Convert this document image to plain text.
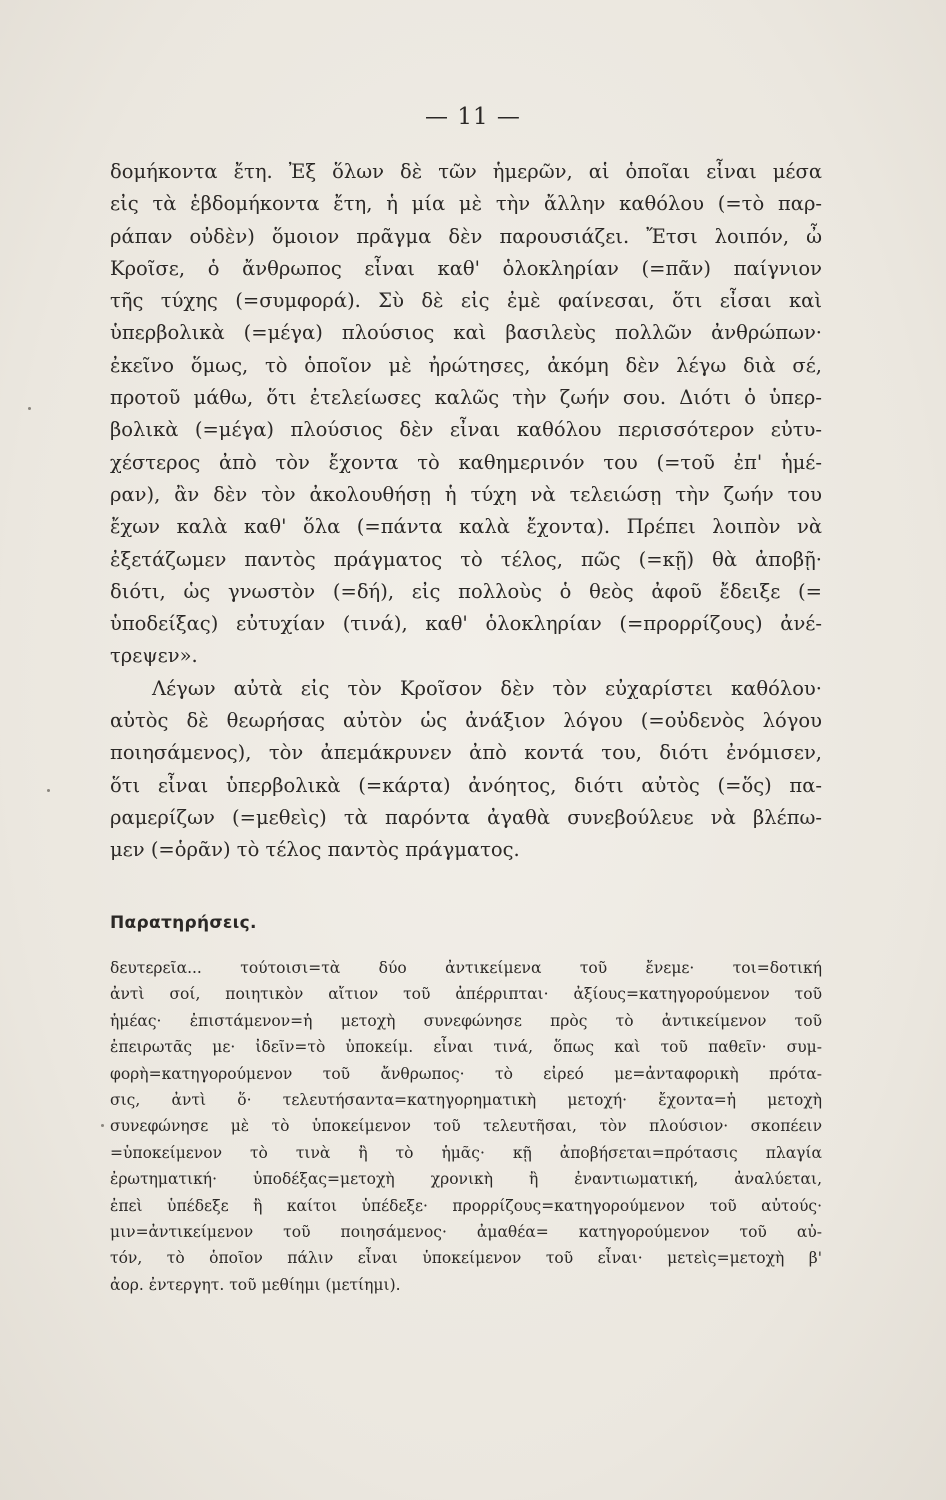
— 11 —
δομήκοντα ἔτη. Ἐξ ὅλων δὲ τῶν ἡμερῶν, αἱ ὁποῖαι εἶναι μέσα
εἰς τὰ ἑβδομήκοντα ἔτη, ἡ μία μὲ τὴν ἄλλην καθόλου (=τὸ παρ-
ράπαν οὐδὲν) ὅμοιον πρᾶγμα δὲν παρουσιάζει. Ἔτσι λοιπόν, ὦ
Κροῖσε, ὁ ἄνθρωπος εἶναι καθ' ὁλοκληρίαν (=πᾶν) παίγνιον
τῆς τύχης (=συμφορά). Σὺ δὲ εἰς ἐμὲ φαίνεσαι, ὅτι εἶσαι καὶ
ὑπερβολικὰ (=μέγα) πλούσιος καὶ βασιλεὺς πολλῶν ἀνθρώπων·
ἐκεῖνο ὅμως, τὸ ὁποῖον μὲ ἠρώτησες, ἀκόμη δὲν λέγω διὰ σέ,
προτοῦ μάθω, ὅτι ἐτελείωσες καλῶς τὴν ζωήν σου. Διότι ὁ ὑπερ-
βολικὰ (=μέγα) πλούσιος δὲν εἶναι καθόλου περισσότερον εὐτυ-
χέστερος ἀπὸ τὸν ἔχοντα τὸ καθημερινόν του (=τοῦ ἐπ' ἡμέ-
ραν), ἂν δὲν τὸν ἀκολουθήσῃ ἡ τύχη νὰ τελειώσῃ τὴν ζωήν του
ἔχων καλὰ καθ' ὅλα (=πάντα καλὰ ἔχοντα). Πρέπει λοιπὸν νὰ
ἐξετάζωμεν παντὸς πράγματος τὸ τέλος, πῶς (=κῇ) θὰ ἀποβῇ·
διότι, ὡς γνωστὸν (=δή), εἰς πολλοὺς ὁ θεὸς ἀφοῦ ἔδειξε (=
ὑποδείξας) εὐτυχίαν (τινά), καθ' ὁλοκληρίαν (=προρρίζους) ἀνέ-
τρεψεν».
Λέγων αὐτὰ εἰς τὸν Κροῖσον δὲν τὸν εὐχαρίστει καθόλου·
αὐτὸς δὲ θεωρήσας αὐτὸν ὡς ἀνάξιον λόγου (=οὐδενὸς λόγου
ποιησάμενος), τὸν ἀπεμάκρυνεν ἀπὸ κοντά του, διότι ἐνόμισεν,
ὅτι εἶναι ὑπερβολικὰ (=κάρτα) ἀνόητος, διότι αὐτὸς (=ὅς) πα-
ραμερίζων (=μεθεὶς) τὰ παρόντα ἀγαθὰ συνεβούλευε νὰ βλέπω-
μεν (=ὁρᾶν) τὸ τέλος παντὸς πράγματος.
Παρατηρήσεις.
δευτερεῖα... τούτοισι=τὰ δύο ἀντικείμενα τοῦ ἔνεμε· τοι=δοτική
ἀντὶ σοί, ποιητικὸν αἴτιον τοῦ ἀπέρριπται· ἀξίους=κατηγορούμενον τοῦ
ἡμέας· ἐπιστάμενον=ἡ μετοχὴ συνεφώνησε πρὸς τὸ ἀντικείμενον τοῦ
ἐπειρωτᾶς με· ἰδεῖν=τὸ ὑποκείμ. εἶναι τινά, ὅπως καὶ τοῦ παθεῖν· συμ-
φορὴ=κατηγορούμενον τοῦ ἄνθρωπος· τὸ εἰρεό με=ἀνταφορικὴ πρότα-
σις, ἀντὶ ὅ· τελευτήσαντα=κατηγορηματικὴ μετοχή· ἔχοντα=ἡ μετοχὴ
συνεφώνησε μὲ τὸ ὑποκείμενον τοῦ τελευτῆσαι, τὸν πλούσιον· σκοπέειν
=ὑποκείμενον τὸ τινὰ ἢ τὸ ἡμᾶς· κῇ ἀποβήσεται=πρότασις πλαγία
ἐρωτηματική· ὑποδέξας=μετοχὴ χρονικὴ ἢ ἐναντιωματική, ἀναλύεται,
ἐπεὶ ὑπέδεξε ἢ καίτοι ὑπέδεξε· προρρίζους=κατηγορούμενον τοῦ αὐτούς·
μιν=ἀντικείμενον τοῦ ποιησάμενος· ἀμαθέα= κατηγορούμενον τοῦ αὐ-
τόν, τὸ ὁποῖον πάλιν εἶναι ὑποκείμενον τοῦ εἶναι· μετεὶς=μετοχὴ β'
ἀορ. ἐντεργητ. τοῦ μεθίημι (μετίημι).
